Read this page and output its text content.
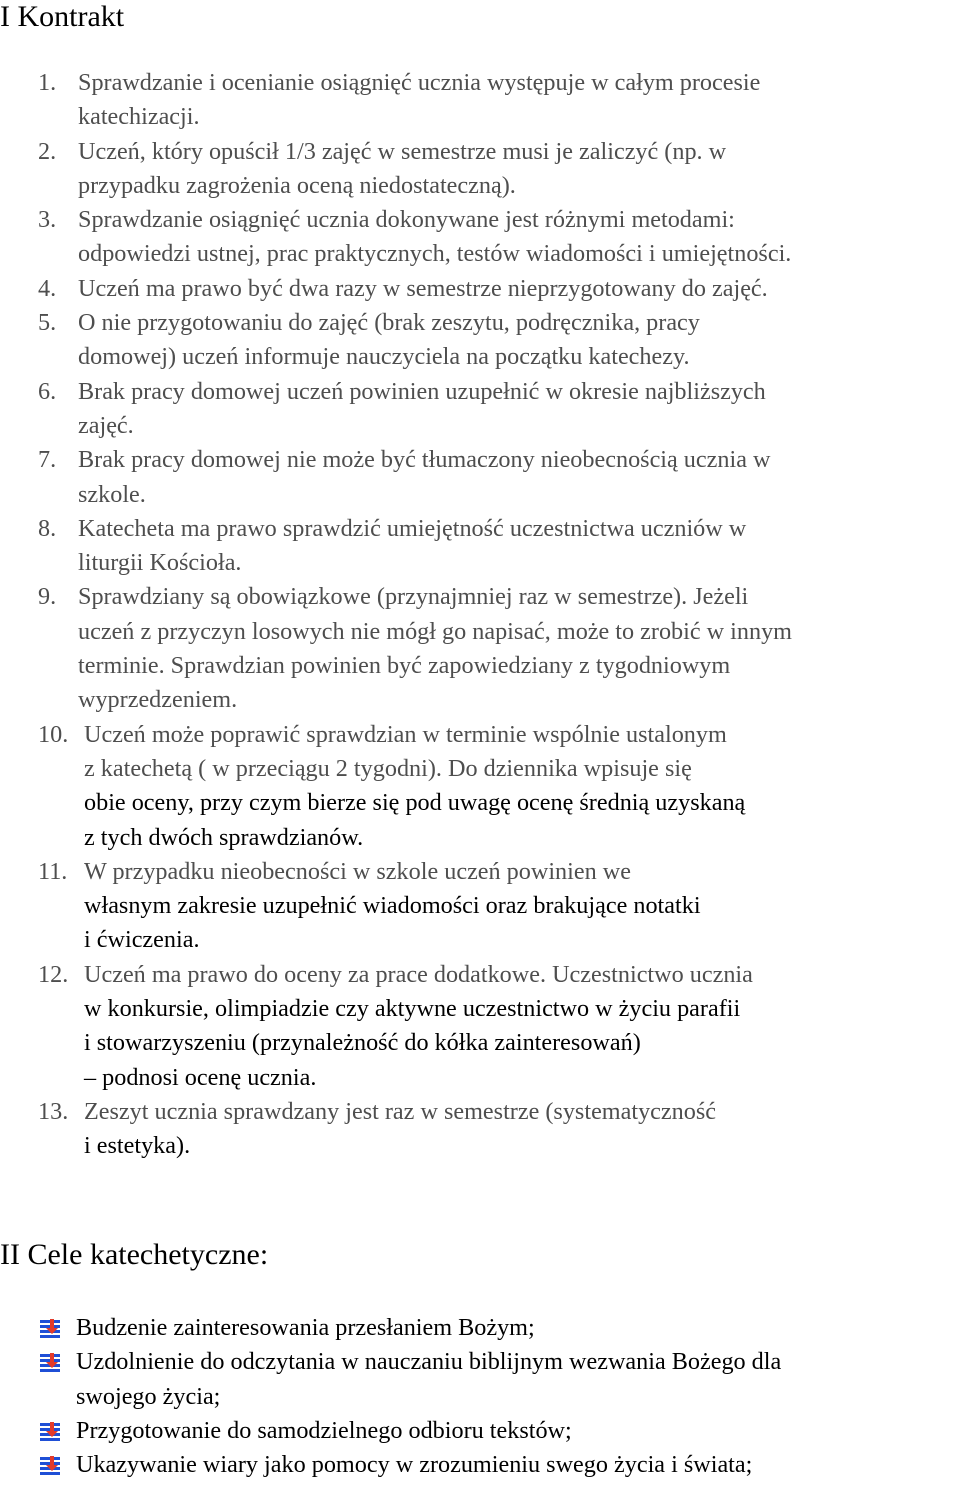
I Kontrakt
1. Sprawdzanie i ocenianie osiągnięć ucznia występuje w całym procesie
katechizacji.
2. Uczeń, który opuścił 1/3 zajęć w semestrze musi je zaliczyć (np. w
przypadku zagrożenia oceną niedostateczną).
3. Sprawdzanie osiągnięć ucznia dokonywane jest różnymi metodami:
odpowiedzi ustnej, prac praktycznych, testów wiadomości i umiejętności.
4. Uczeń ma prawo być dwa razy w semestrze nieprzygotowany do zajęć.
5. O nie przygotowaniu do zajęć (brak zeszytu, podręcznika, pracy
domowej) uczeń informuje nauczyciela na początku katechezy.
6. Brak pracy domowej uczeń powinien uzupełnić w okresie najbliższych
zajęć.
7. Brak pracy domowej nie może być tłumaczony nieobecnością ucznia w
szkole.
8. Katecheta ma prawo sprawdzić umiejętność uczestnictwa uczniów w
liturgii Kościoła.
9. Sprawdziany są obowiązkowe (przynajmniej raz w semestrze). Jeżeli
uczeń z przyczyn losowych nie mógł go napisać, może to zrobić w innym
terminie. Sprawdzian powinien być zapowiedziany z tygodniowym
wyprzedzeniem.
10. Uczeń może poprawić sprawdzian w terminie wspólnie ustalonym
z katechetą ( w przeciągu 2 tygodni). Do dziennika wpisuje się
obie oceny, przy czym bierze się pod uwagę ocenę średnią uzyskaną
z tych dwóch sprawdzianów.
11. W przypadku nieobecności w szkole uczeń powinien we
własnym zakresie uzupełnić wiadomości oraz brakujące notatki
i ćwiczenia.
12. Uczeń ma prawo do oceny za prace dodatkowe. Uczestnictwo ucznia
w konkursie, olimpiadzie czy aktywne uczestnictwo w życiu parafii
i stowarzyszeniu (przynależność do kółka zainteresowań)
– podnosi ocenę ucznia.
13. Zeszyt ucznia sprawdzany jest raz w semestrze (systematyczność
i estetyka).
II Cele katechetyczne:
Budzenie zainteresowania przesłaniem Bożym;
Uzdolnienie do odczytania w nauczaniu biblijnym wezwania Bożego dla
swojego życia;
Przygotowanie do samodzielnego odbioru tekstów;
Ukazywanie wiary jako pomocy w zrozumieniu swego życia i świata;
